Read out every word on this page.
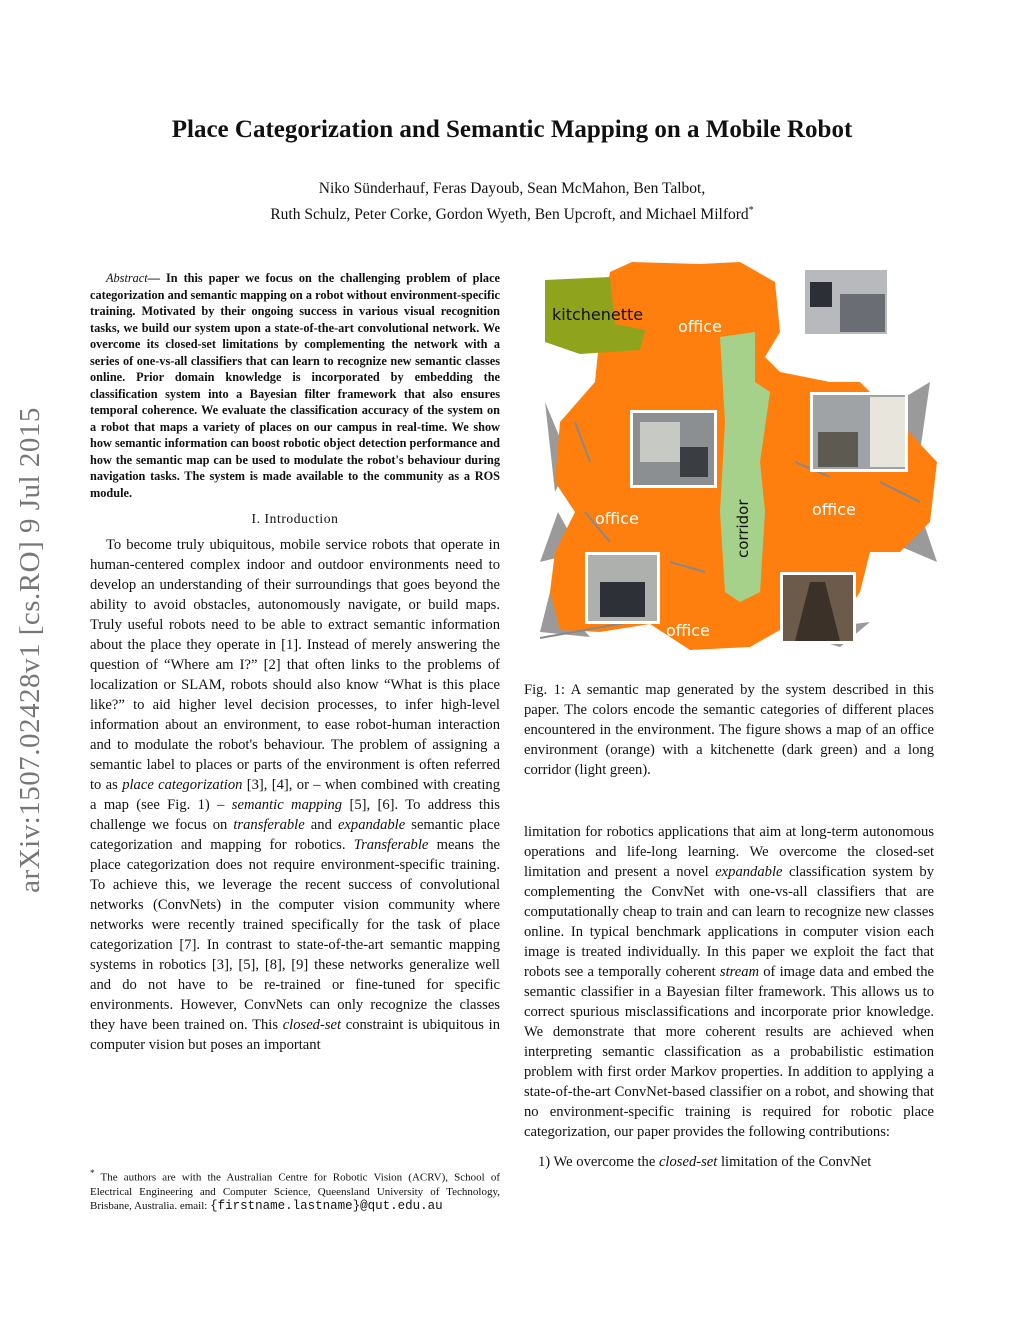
arXiv:1507.02428v1 [cs.RO] 9 Jul 2015
Place Categorization and Semantic Mapping on a Mobile Robot
Niko Sünderhauf, Feras Dayoub, Sean McMahon, Ben Talbot,
Ruth Schulz, Peter Corke, Gordon Wyeth, Ben Upcroft, and Michael Milford*

Abstract— In this paper we focus on the challenging problem of place categorization and semantic mapping on a robot without environment-specific training. Motivated by their ongoing success in various visual recognition tasks, we build our system upon a state-of-the-art convolutional network. We overcome its closed-set limitations by complementing the network with a series of one-vs-all classifiers that can learn to recognize new semantic classes online. Prior domain knowledge is incorporated by embedding the classification system into a Bayesian filter framework that also ensures temporal coherence. We evaluate the classification accuracy of the system on a robot that maps a variety of places on our campus in real-time. We show how semantic information can boost robotic object detection performance and how the semantic map can be used to modulate the robot's behaviour during navigation tasks. The system is made available to the community as a ROS module.

I. Introduction

To become truly ubiquitous, mobile service robots that operate in human-centered complex indoor and outdoor environments need to develop an understanding of their surroundings that goes beyond the ability to avoid obstacles, autonomously navigate, or build maps. Truly useful robots need to be able to extract semantic information about the place they operate in [1]. Instead of merely answering the question of “Where am I?” [2] that often links to the problems of localization or SLAM, robots should also know “What is this place like?” to aid higher level decision processes, to infer high-level information about an environment, to ease robot-human interaction and to modulate the robot's behaviour. The problem of assigning a semantic label to places or parts of the environment is often referred to as place categorization [3], [4], or – when combined with creating a map (see Fig. 1) – semantic mapping [5], [6]. To address this challenge we focus on transferable and expandable semantic place categorization and mapping for robotics. Transferable means the place categorization does not require environment-specific training. To achieve this, we leverage the recent success of convolutional networks (ConvNets) in the computer vision community where networks were recently trained specifically for the task of place categorization [7]. In contrast to state-of-the-art semantic mapping systems in robotics [3], [5], [8], [9] these networks generalize well and do not have to be re-trained or fine-tuned for specific environments. However, ConvNets can only recognize the classes they have been trained on. This closed-set constraint is ubiquitous in computer vision but poses an important

* The authors are with the Australian Centre for Robotic Vision (ACRV), School of Electrical Engineering and Computer Science, Queensland University of Technology, Brisbane, Australia. email: {firstname.lastname}@qut.edu.au
kitchenette
office
office	office
office
corridor
Fig. 1: A semantic map generated by the system described in this paper. The colors encode the semantic categories of different places encountered in the environment. The figure shows a map of an office environment (orange) with a kitchenette (dark green) and a long corridor (light green).

limitation for robotics applications that aim at long-term autonomous operations and life-long learning. We overcome the closed-set limitation and present a novel expandable classification system by complementing the ConvNet with one-vs-all classifiers that are computationally cheap to train and can learn to recognize new classes online. In typical benchmark applications in computer vision each image is treated individually. In this paper we exploit the fact that robots see a temporally coherent stream of image data and embed the semantic classifier in a Bayesian filter framework. This allows us to correct spurious misclassifications and incorporate prior knowledge. We demonstrate that more coherent results are achieved when interpreting semantic classification as a probabilistic estimation problem with first order Markov properties. In addition to applying a state-of-the-art ConvNet-based classifier on a robot, and showing that no environment-specific training is required for robotic place categorization, our paper provides the following contributions:

1) We overcome the closed-set limitation of the ConvNet
